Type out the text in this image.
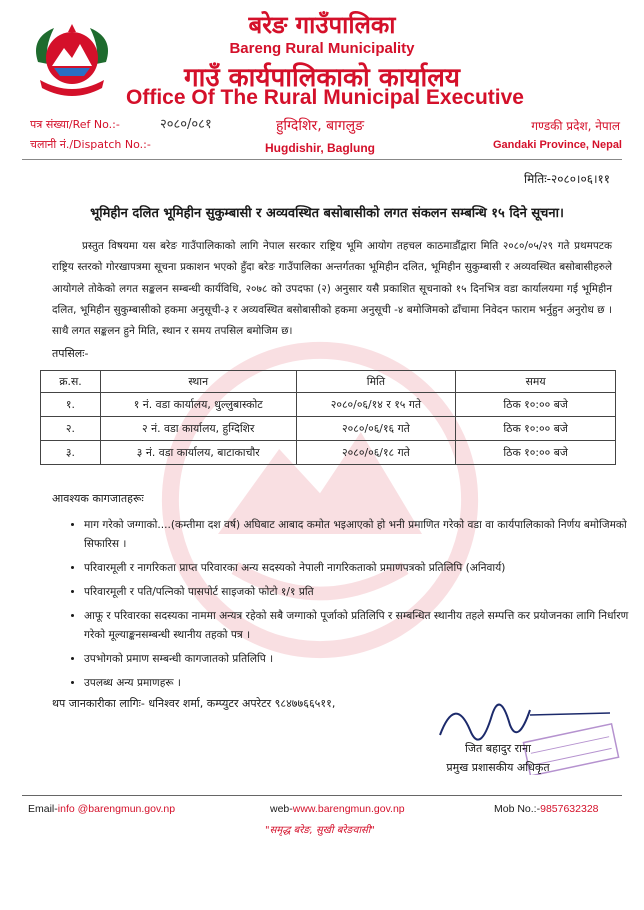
बरेङ गाउँपालिका
Bareng Rural Municipality
गाउँ कार्यपालिकाको कार्यालय
Office Of The Rural Municipal Executive
पत्र संख्या/Ref No.:-	२०८०/०८१
चलानी नं./Dispatch No.:-
हुग्दिशिर, बागलुङ
Hugdishir, Baglung
गण्डकी प्रदेश, नेपाल
Gandaki Province, Nepal
मितिः-२०८०।०६।११
भूमिहीन दलित भूमिहीन सुकुम्बासी र अव्यवस्थित बसोबासीको लगत संकलन सम्बन्धि १५ दिने सूचना।
प्रस्तुत विषयमा यस बरेङ गाउँपालिकाको लागि नेपाल सरकार राष्ट्रिय भूमि आयोग तहचल काठमाडौंद्वारा मिति २०८०/०५/२९ गते प्रथमपटक राष्ट्रिय स्तरको गोरखापत्रमा सूचना प्रकाशन भएको हुँदा बरेङ गाउँपालिका अन्तर्गतका भूमिहीन दलित, भूमिहीन सुकुम्बासी र अव्यवस्थित बसोबासीहरुले आयोगले तोकेको लगत सङ्कलन सम्बन्धी कार्यविधि, २०७८ को उपदफा (२) अनुसार यसै प्रकाशित सूचनाको १५ दिनभित्र वडा कार्यालयमा गई भूमिहीन दलित, भूमिहीन सुकुम्बासीको हकमा अनुसूची-३ र अव्यवस्थित बसोबासीको हकमा अनुसूची -४ बमोजिमको ढाँचामा निवेदन फाराम भर्नुहुन अनुरोध छ ।साथै लगत सङ्कलन हुने मिति, स्थान र समय तपसिल बमोजिम छ।
तपसिलः-
क्र.स.	स्थान	मिति	समय
१.	१ नं. वडा कार्यालय, धुल्लुबास्कोट	२०८०/०६/१४ र १५ गते	ठिक १०:०० बजे
२.	२ नं. वडा कार्यालय, हुग्दिशिर	२०८०/०६/१६ गते	ठिक १०:०० बजे
३.	३ नं. वडा कार्यालय, बाटाकाचौर	२०८०/०६/१८ गते	ठिक १०:०० बजे
आवश्यक कागजातहरूः
• माग गरेको जग्गाको....(कम्तीमा दश वर्ष) अघिबाट आबाद कमोत भइआएको हो भनी प्रमाणित गरेको वडा वा कार्यपालिकाको निर्णय बमोजिमको सिफारिस ।
• परिवारमूली र नागरिकता प्राप्त परिवारका अन्य सदस्यको नेपाली नागरिकताको प्रमाणपत्रको प्रतिलिपि (अनिवार्य)
• परिवारमूली र पति/पत्निको पासपोर्ट साइजको फोटो १/१ प्रति
• आफू र परिवारका सदस्यका नाममा अन्यत्र रहेको सबै जग्गाको पूर्जाको प्रतिलिपि र सम्बन्धित स्थानीय तहले सम्पत्ति कर प्रयोजनका लागि निर्धारण गरेको मूल्याङ्कनसम्बन्धी स्थानीय तहको पत्र ।
• उपभोगको प्रमाण सम्बन्धी कागजातको प्रतिलिपि ।
• उपलब्ध अन्य प्रमाणहरू ।
थप जानकारीका लागिः- धनिश्वर शर्मा, कम्प्युटर अपरेटर ९८४७७६६५११,
जित बहादुर राना
प्रमुख प्रशासकीय अधिकृत
Email-info @barengmun.gov.np	web-www.barengmun.gov.np	Mob No.:-9857632328
"समृद्ध बरेङ, सुखी बरेङवासी"
